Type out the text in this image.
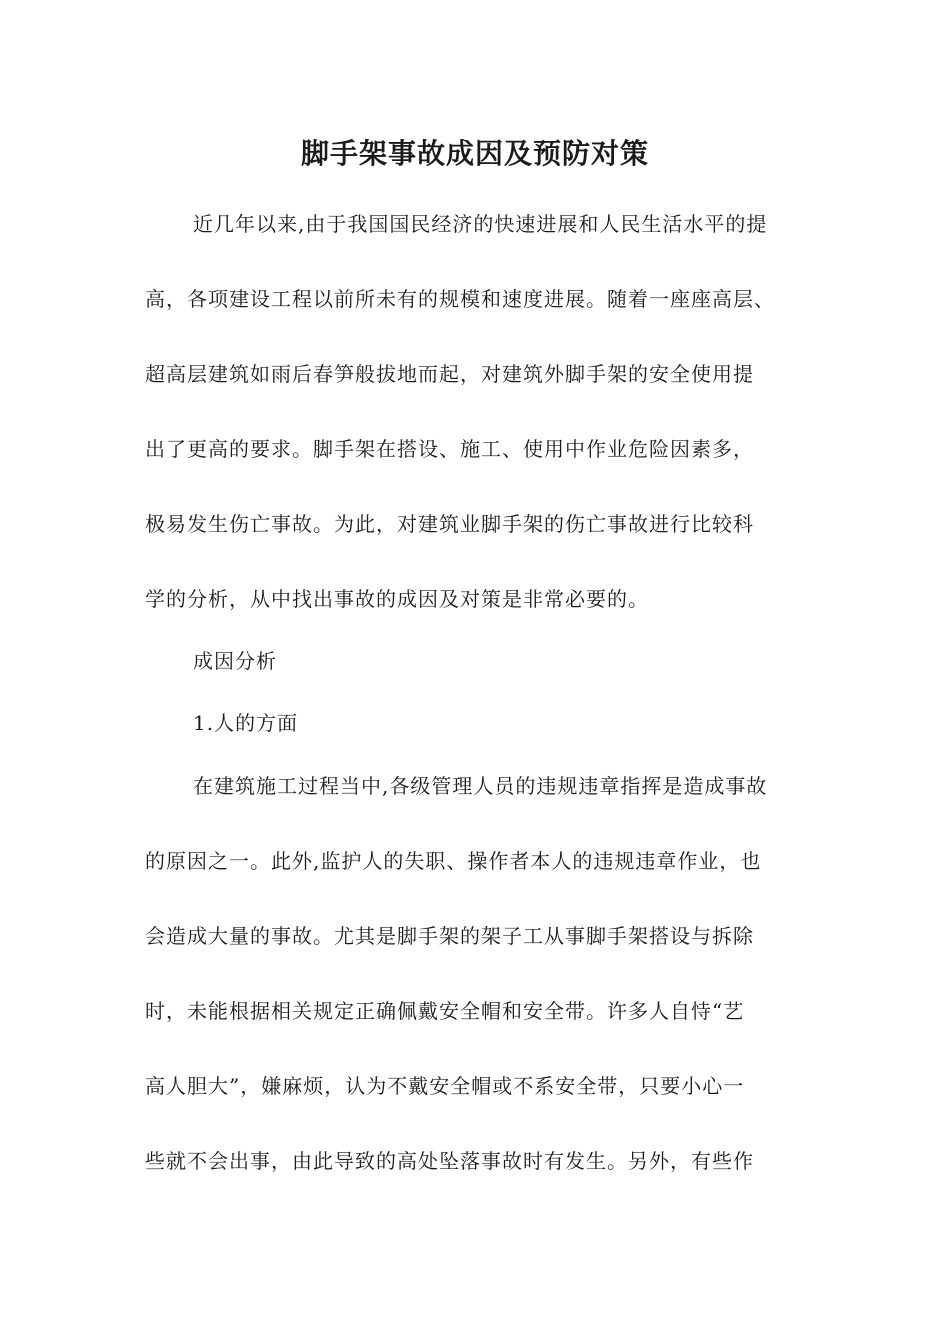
脚手架事故成因及预防对策

近几年以来,由于我国国民经济的快速进展和人民生活水平的提

高，各项建设工程以前所未有的规模和速度进展。随着一座座高层、

超高层建筑如雨后春笋般拔地而起，对建筑外脚手架的安全使用提

出了更高的要求。脚手架在搭设、施工、使用中作业危险因素多，

极易发生伤亡事故。为此，对建筑业脚手架的伤亡事故进行比较科

学的分析，从中找出事故的成因及对策是非常必要的。

成因分析

1.人的方面

在建筑施工过程当中,各级管理人员的违规违章指挥是造成事故

的原因之一。此外,监护人的失职、操作者本人的违规违章作业，也

会造成大量的事故。尤其是脚手架的架子工从事脚手架搭设与拆除

时，未能根据相关规定正确佩戴安全帽和安全带。许多人自恃“艺

高人胆大”，嫌麻烦，认为不戴安全帽或不系安全带，只要小心一

些就不会出事，由此导致的高处坠落事故时有发生。另外，有些作
